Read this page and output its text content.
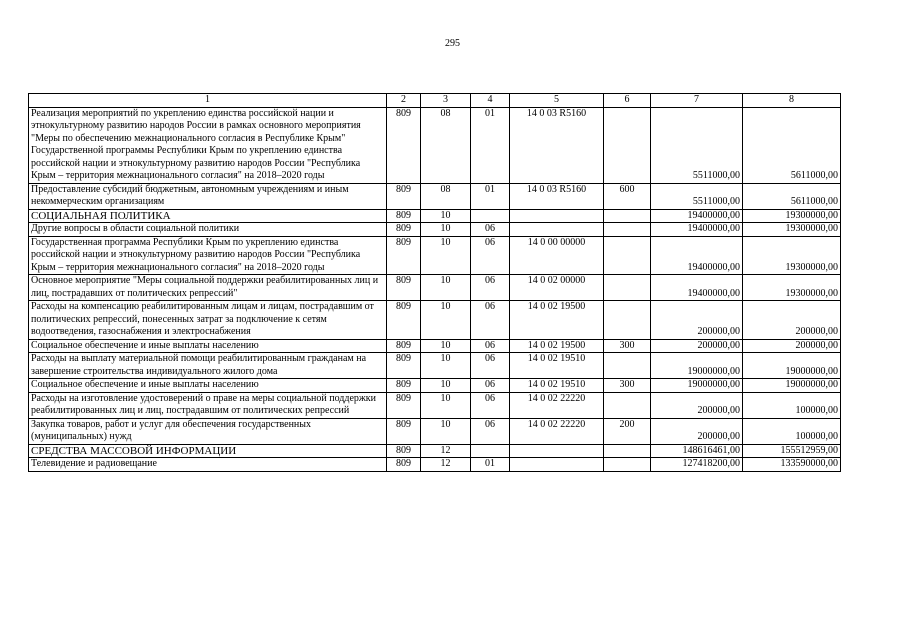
295
1	2	3	4	5	6	7	8
Реализация мероприятий по укреплению единства российской нации и этнокультурному развитию народов России в рамках основного мероприятия "Меры по обеспечению межнационального согласия в Республике Крым" Государственной программы Республики Крым по укреплению единства российской нации и этнокультурному развитию народов России "Республика Крым – территория межнационального согласия" на 2018–2020 годы	809	08	01	14 0 03 R5160		5511000,00	5611000,00
Предоставление субсидий бюджетным, автономным учреждениям и иным некоммерческим организациям	809	08	01	14 0 03 R5160	600	5511000,00	5611000,00
СОЦИАЛЬНАЯ ПОЛИТИКА	809	10				19400000,00	19300000,00
Другие вопросы в области социальной политики	809	10	06			19400000,00	19300000,00
Государственная программа Республики Крым по укреплению единства российской нации и этнокультурному развитию народов России "Республика Крым – территория межнационального согласия" на 2018–2020 годы	809	10	06	14 0 00 00000		19400000,00	19300000,00
Основное мероприятие "Меры социальной поддержки реабилитированных лиц и лиц, пострадавших от политических репрессий"	809	10	06	14 0 02 00000		19400000,00	19300000,00
Расходы на компенсацию реабилитированным лицам и лицам, пострадавшим от политических репрессий, понесенных затрат за подключение к сетям водоотведения, газоснабжения и электроснабжения	809	10	06	14 0 02 19500		200000,00	200000,00
Социальное обеспечение и иные выплаты населению	809	10	06	14 0 02 19500	300	200000,00	200000,00
Расходы на выплату материальной помощи реабилитированным гражданам на завершение строительства индивидуального жилого дома	809	10	06	14 0 02 19510		19000000,00	19000000,00
Социальное обеспечение и иные выплаты населению	809	10	06	14 0 02 19510	300	19000000,00	19000000,00
Расходы на изготовление удостоверений о праве на меры социальной поддержки реабилитированных лиц и лиц, пострадавшим от политических репрессий	809	10	06	14 0 02 22220		200000,00	100000,00
Закупка товаров, работ и услуг для обеспечения государственных (муниципальных) нужд	809	10	06	14 0 02 22220	200	200000,00	100000,00
СРЕДСТВА МАССОВОЙ ИНФОРМАЦИИ	809	12				148616461,00	155512959,00
Телевидение и радиовещание	809	12	01			127418200,00	133590000,00
